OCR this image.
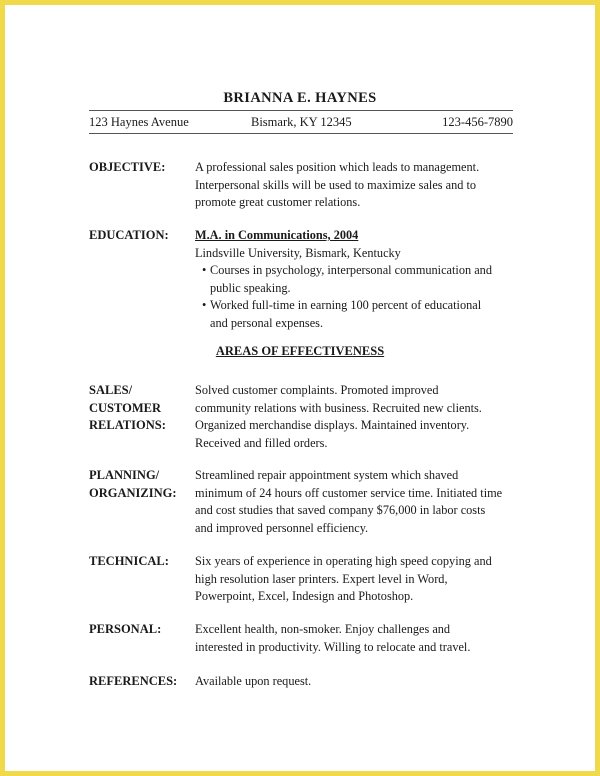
BRIANNA E. HAYNES
123 Haynes Avenue	Bismark, KY 12345	123-456-7890
OBJECTIVE:	A professional sales position which leads to management. Interpersonal skills will be used to maximize sales and to promote great customer relations.

EDUCATION:	M.A. in Communications, 2004

Lindsville University, Bismark, Kentucky

• Courses in psychology, interpersonal communication and public speaking.
• Worked full-time in earning 100 percent of educational and personal expenses.
AREAS OF EFFECTIVENESS
SALES/
CUSTOMER
RELATIONS:

Solved customer complaints. Promoted improved community relations with business. Recruited new clients. Organized merchandise displays. Maintained inventory. Received and filled orders.

PLANNING/
ORGANIZING:

Streamlined repair appointment system which shaved minimum of 24 hours off customer service time. Initiated time and cost studies that saved company $76,000 in labor costs and improved personnel efficiency.

TECHNICAL:	Six years of experience in operating high speed copying and high resolution laser printers. Expert level in Word, Powerpoint, Excel, Indesign and Photoshop.

PERSONAL:	Excellent health, non-smoker. Enjoy challenges and interested in productivity. Willing to relocate and travel.

REFERENCES:	Available upon request.
